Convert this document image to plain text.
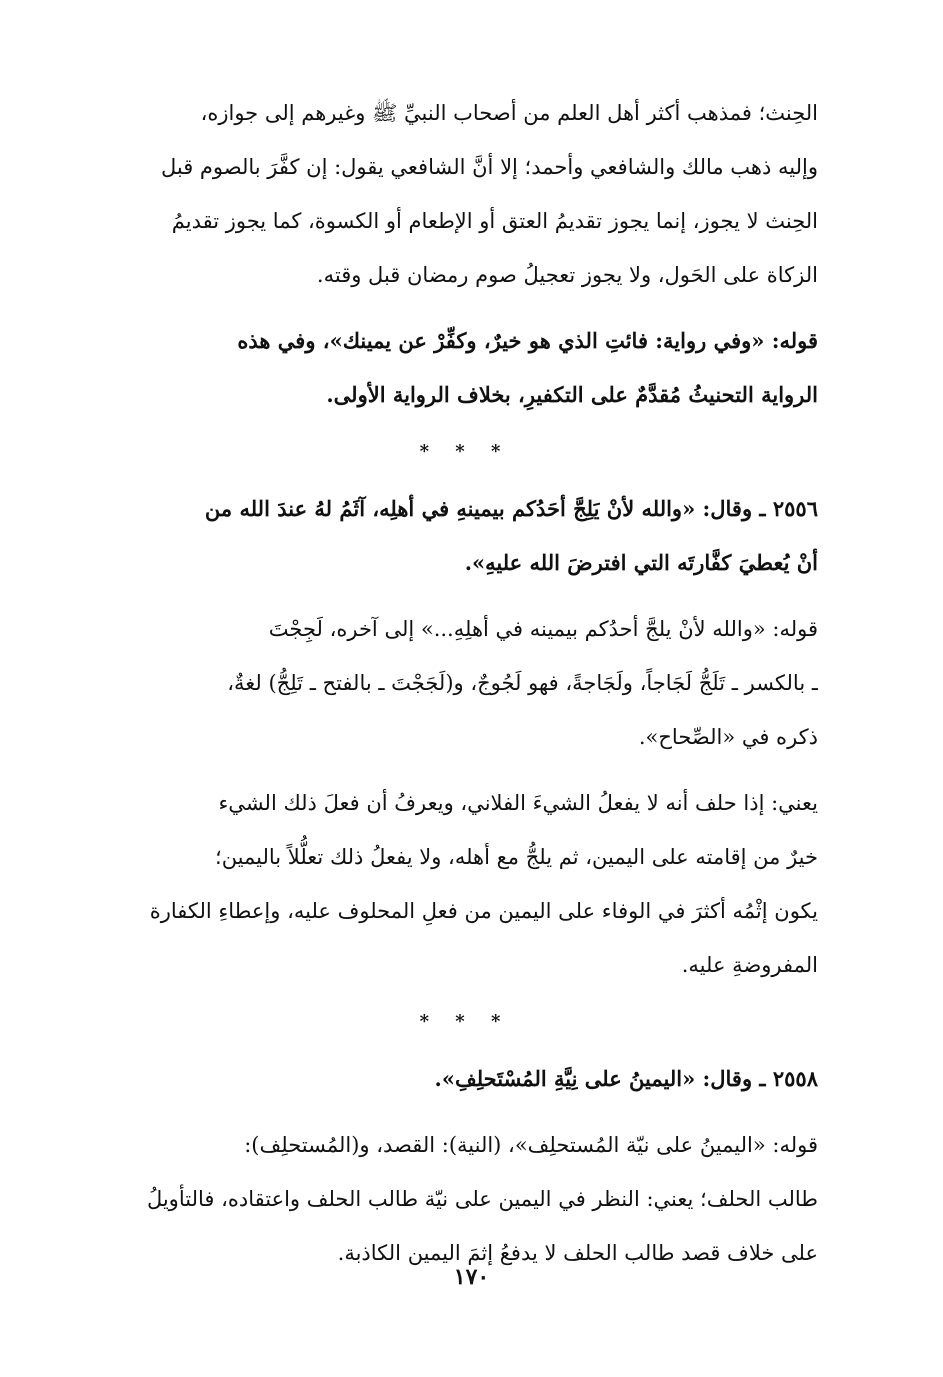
الحِنث؛ فمذهب أكثر أهل العلم من أصحاب النبيِّ ﷺ وغيرهم إلى جوازه،
وإليه ذهب مالك والشافعي وأحمد؛ إلا أنَّ الشافعي يقول: إن كفَّرَ بالصوم قبل
الحِنث لا يجوز، إنما يجوز تقديمُ العتق أو الإطعام أو الكسوة، كما يجوز تقديمُ
الزكاة على الحَول، ولا يجوز تعجيلُ صوم رمضان قبل وقته.
قوله: «وفي رواية: فائتِ الذي هو خيرٌ، وكفِّرْ عن يمينك»، وفي هذه
الرواية التحنيثُ مُقدَّمٌ على التكفيرِ، بخلاف الرواية الأولى.
* * *
٢٥٥٦ ـ وقال: «والله لأنْ يَلِجَّ أحَدُكم بيمينهِ في أهلِه، آثَمُ لهُ عندَ الله من
أنْ يُعطيَ كفَّارتَه التي افترضَ الله عليهِ».
قوله: «والله لأنْ يلجَّ أحدُكم بيمينه في أهلِهِ...» إلى آخره، لَجِجْتَ
ـ بالكسر ـ تَلَجُّ لَجَاجاً، ولَجَاجةً، فهو لَجُوجٌ، و(لَجَجْتَ ـ بالفتح ـ تَلِجُّ) لغةٌ،
ذكره في «الصِّحاح».
يعني: إذا حلف أنه لا يفعلُ الشيءَ الفلاني، ويعرفُ أن فعلَ ذلك الشيء
خيرٌ من إقامته على اليمين، ثم يلجُّ مع أهله، ولا يفعلُ ذلك تعلُّلاً باليمين؛
يكون إثْمُه أكثرَ في الوفاء على اليمين من فعلِ المحلوف عليه، وإعطاءِ الكفارة
المفروضةِ عليه.
* * *
٢٥٥٨ ـ وقال: «اليمينُ على نِيَّةِ المُسْتَحلِفِ».
قوله: «اليمينُ على نيّة المُستحلِف»، (النية): القصد، و(المُستحلِف):
طالب الحلف؛ يعني: النظر في اليمين على نيّة طالب الحلف واعتقاده، فالتأويلُ
على خلاف قصد طالب الحلف لا يدفعُ إثمَ اليمين الكاذبة.
١٧٠
